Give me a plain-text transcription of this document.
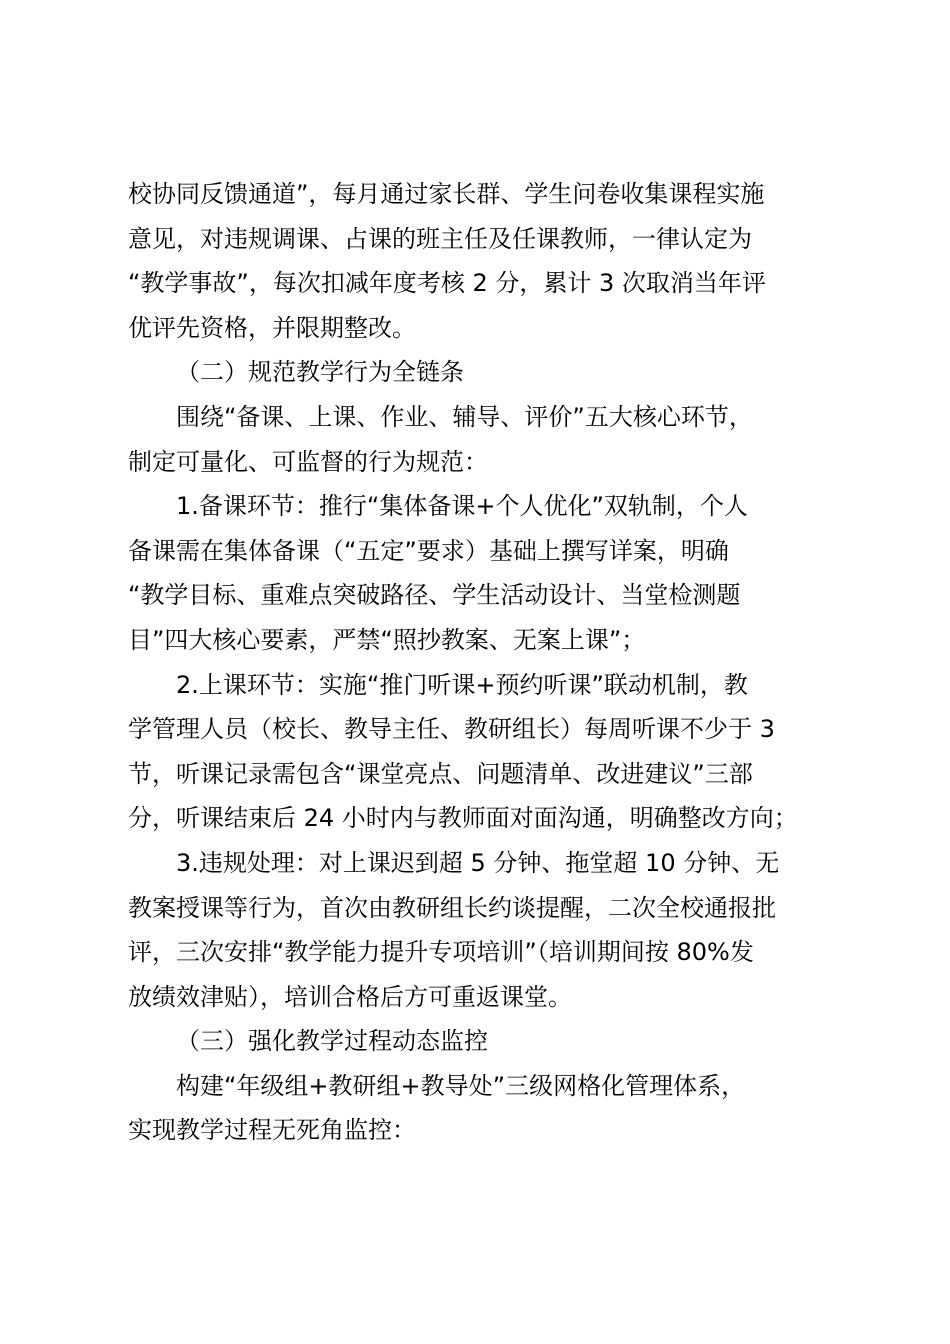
校协同反馈通道”，每月通过家长群、学生问卷收集课程实施
意见，对违规调课、占课的班主任及任课教师，一律认定为
“教学事故”，每次扣减年度考核 2 分，累计 3 次取消当年评
优评先资格，并限期整改。

（二）规范教学行为全链条

围绕“备课、上课、作业、辅导、评价”五大核心环节，
制定可量化、可监督的行为规范：

1.备课环节：推行“集体备课+个人优化”双轨制，个人
备课需在集体备课（“五定”要求）基础上撰写详案，明确
“教学目标、重难点突破路径、学生活动设计、当堂检测题
目”四大核心要素，严禁“照抄教案、无案上课”；

2.上课环节：实施“推门听课+预约听课”联动机制，教
学管理人员（校长、教导主任、教研组长）每周听课不少于 3
节，听课记录需包含“课堂亮点、问题清单、改进建议”三部
分，听课结束后 24 小时内与教师面对面沟通，明确整改方向；

3.违规处理：对上课迟到超 5 分钟、拖堂超 10 分钟、无
教案授课等行为，首次由教研组长约谈提醒，二次全校通报批
评，三次安排“教学能力提升专项培训”（培训期间按 80%发
放绩效津贴），培训合格后方可重返课堂。

（三）强化教学过程动态监控

构建“年级组+教研组+教导处”三级网格化管理体系，
实现教学过程无死角监控：
